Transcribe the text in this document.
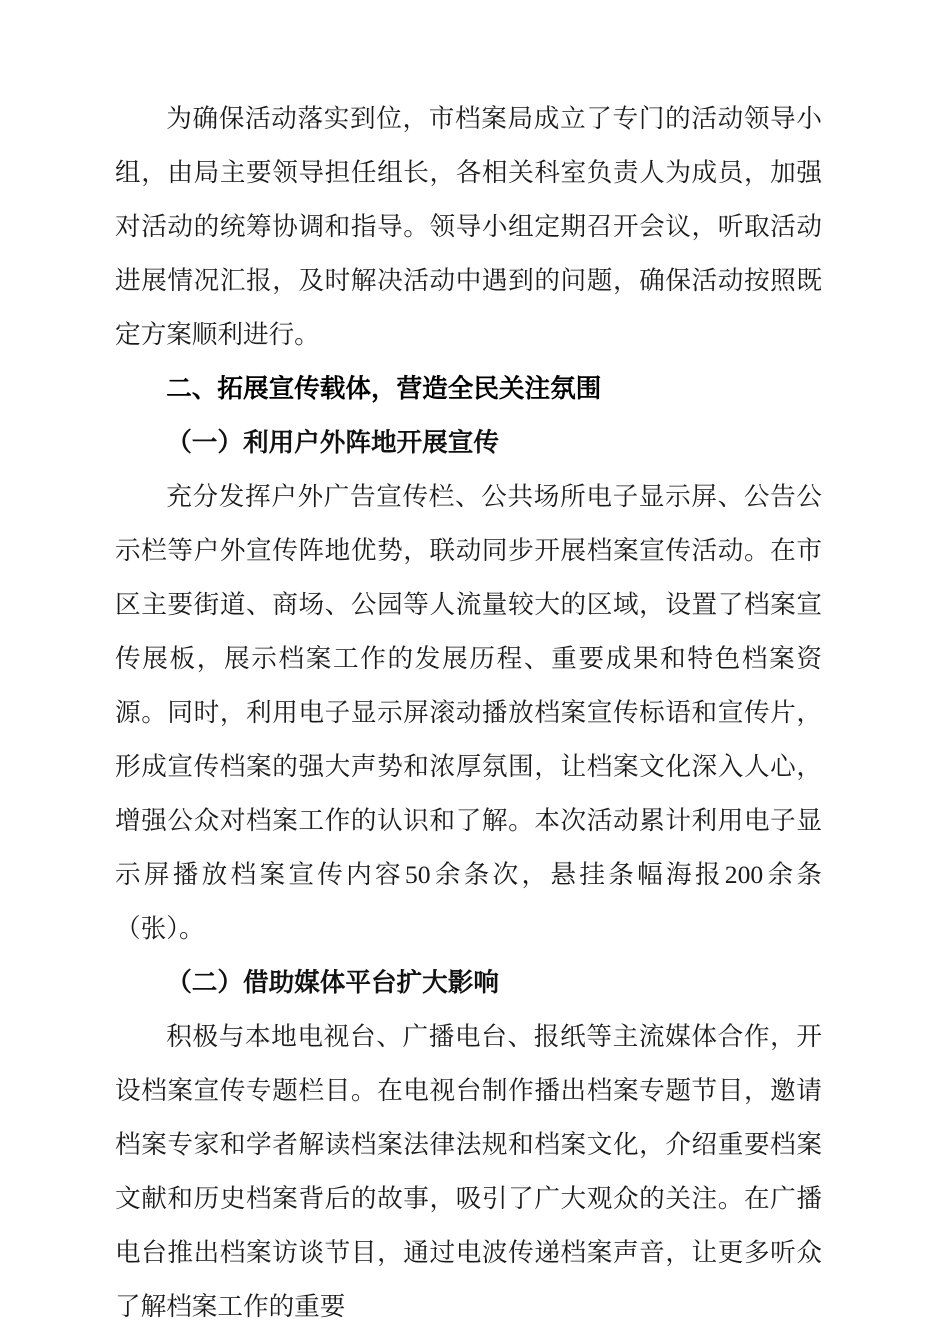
为确保活动落实到位，市档案局成立了专门的活动领导小组，由局主要领导担任组长，各相关科室负责人为成员，加强对活动的统筹协调和指导。领导小组定期召开会议，听取活动进展情况汇报，及时解决活动中遇到的问题，确保活动按照既定方案顺利进行。

二、拓展宣传载体，营造全民关注氛围
（一）利用户外阵地开展宣传

充分发挥户外广告宣传栏、公共场所电子显示屏、公告公示栏等户外宣传阵地优势，联动同步开展档案宣传活动。在市区主要街道、商场、公园等人流量较大的区域，设置了档案宣传展板，展示档案工作的发展历程、重要成果和特色档案资源。同时，利用电子显示屏滚动播放档案宣传标语和宣传片，形成宣传档案的强大声势和浓厚氛围，让档案文化深入人心，增强公众对档案工作的认识和了解。本次活动累计利用电子显示屏播放档案宣传内容50余条次，悬挂条幅海报200余条（张）。

（二）借助媒体平台扩大影响

积极与本地电视台、广播电台、报纸等主流媒体合作，开设档案宣传专题栏目。在电视台制作播出档案专题节目，邀请档案专家和学者解读档案法律法规和档案文化，介绍重要档案文献和历史档案背后的故事，吸引了广大观众的关注。在广播电台推出档案访谈节目，通过电波传递档案声音，让更多听众了解档案工作的重要
